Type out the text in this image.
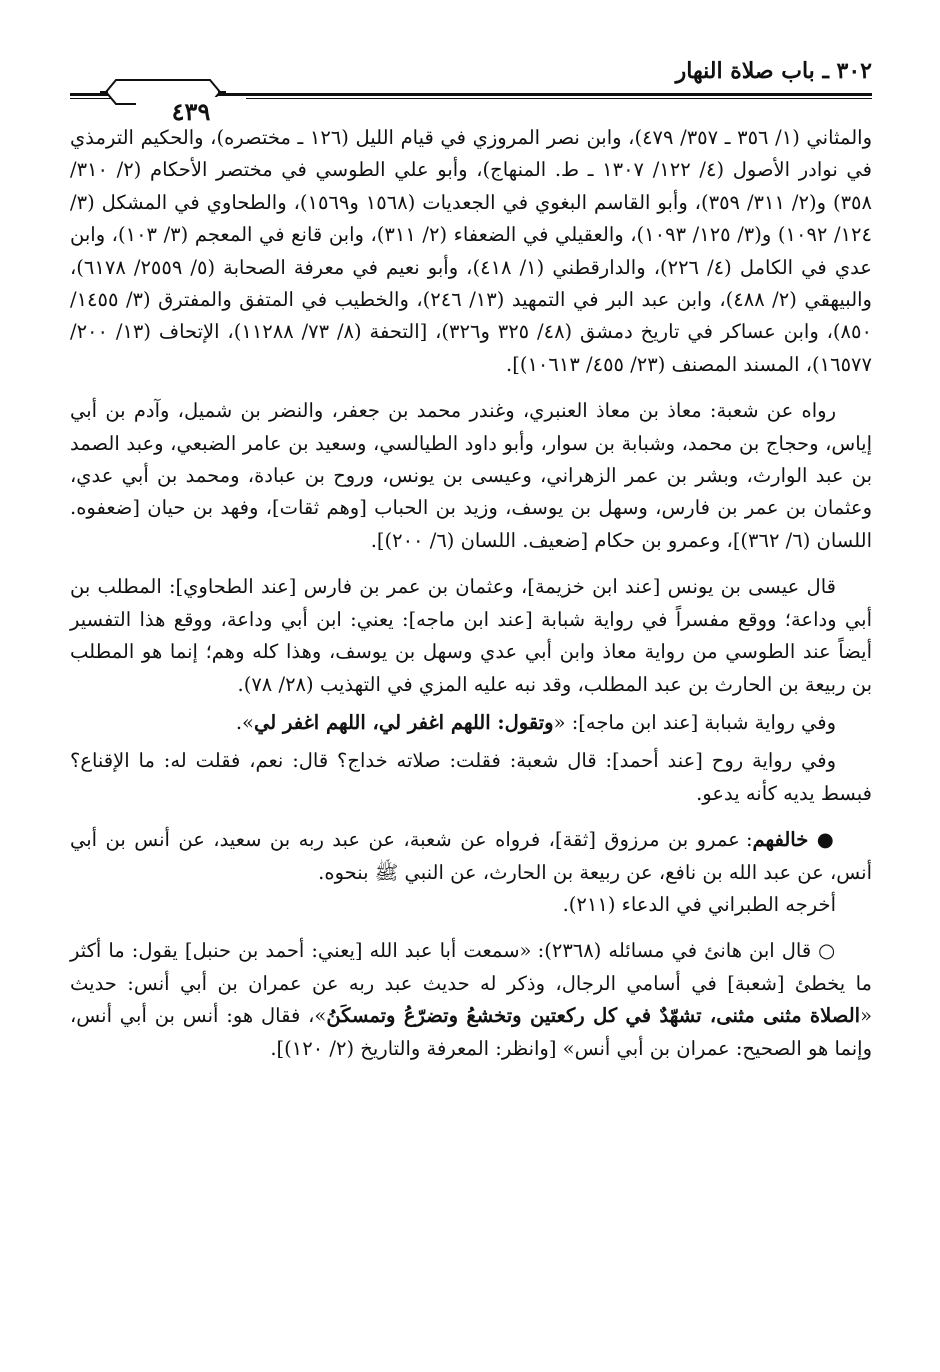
٣٠٢ ـ باب صلاة النهار
٤٣٩

والمثاني (١/ ٣٥٦ ـ ٣٥٧/ ٤٧٩)، وابن نصر المروزي في قيام الليل (١٢٦ ـ مختصره)، والحكيم الترمذي في نوادر الأصول (٤/ ١٢٢/ ١٣٠٧ ـ ط. المنهاج)، وأبو علي الطوسي في مختصر الأحكام (٢/ ٣١٠/ ٣٥٨) و(٢/ ٣١١/ ٣٥٩)، وأبو القاسم البغوي في الجعديات (١٥٦٨ و١٥٦٩)، والطحاوي في المشكل (٣/ ١٢٤/ ١٠٩٢) و(٣/ ١٢٥/ ١٠٩٣)، والعقيلي في الضعفاء (٢/ ٣١١)، وابن قانع في المعجم (٣/ ١٠٣)، وابن عدي في الكامل (٤/ ٢٢٦)، والدارقطني (١/ ٤١٨)، وأبو نعيم في معرفة الصحابة (٥/ ٢٥٥٩/ ٦١٧٨)، والبيهقي (٢/ ٤٨٨)، وابن عبد البر في التمهيد (١٣/ ٢٤٦)، والخطيب في المتفق والمفترق (٣/ ١٤٥٥/ ٨٥٠)، وابن عساكر في تاريخ دمشق (٤٨/ ٣٢٥ و٣٢٦)، [التحفة (٨/ ٧٣/ ١١٢٨٨)، الإتحاف (١٣/ ٢٠٠/ ١٦٥٧٧)، المسند المصنف (٢٣/ ٤٥٥/ ١٠٦١٣)].

رواه عن شعبة: معاذ بن معاذ العنبري، وغندر محمد بن جعفر، والنضر بن شميل، وآدم بن أبي إياس، وحجاج بن محمد، وشبابة بن سوار، وأبو داود الطيالسي، وسعيد بن عامر الضبعي، وعبد الصمد بن عبد الوارث، وبشر بن عمر الزهراني، وعيسى بن يونس، وروح بن عبادة، ومحمد بن أبي عدي، وعثمان بن عمر بن فارس، وسهل بن يوسف، وزيد بن الحباب [وهم ثقات]، وفهد بن حيان [ضعفوه. اللسان (٦/ ٣٦٢)]، وعمرو بن حكام [ضعيف. اللسان (٦/ ٢٠٠)].

قال عيسى بن يونس [عند ابن خزيمة]، وعثمان بن عمر بن فارس [عند الطحاوي]: المطلب بن أبي وداعة؛ ووقع مفسراً في رواية شبابة [عند ابن ماجه]: يعني: ابن أبي وداعة، ووقع هذا التفسير أيضاً عند الطوسي من رواية معاذ وابن أبي عدي وسهل بن يوسف، وهذا كله وهم؛ إنما هو المطلب بن ربيعة بن الحارث بن عبد المطلب، وقد نبه عليه المزي في التهذيب (٢٨/ ٧٨).

وفي رواية شبابة [عند ابن ماجه]: «وتقول: اللهم اغفر لي، اللهم اغفر لي».

وفي رواية روح [عند أحمد]: قال شعبة: فقلت: صلاته خداج؟ قال: نعم، فقلت له: ما الإقناع؟ فبسط يديه كأنه يدعو.

● خالفهم: عمرو بن مرزوق [ثقة]، فرواه عن شعبة، عن عبد ربه بن سعيد، عن أنس بن أبي أنس، عن عبد الله بن نافع، عن ربيعة بن الحارث، عن النبي ﷺ بنحوه.

أخرجه الطبراني في الدعاء (٢١١).

○ قال ابن هانئ في مسائله (٢٣٦٨): «سمعت أبا عبد الله [يعني: أحمد بن حنبل] يقول: ما أكثر ما يخطئ [شعبة] في أسامي الرجال، وذكر له حديث عبد ربه عن عمران بن أبي أنس: حديث «الصلاة مثنى مثنى، تشهّدٌ في كل ركعتين وتخشعُ وتضرّعُ وتمسكَنُ»، فقال هو: أنس بن أبي أنس، وإنما هو الصحيح: عمران بن أبي أنس» [وانظر: المعرفة والتاريخ (٢/ ١٢٠)].
